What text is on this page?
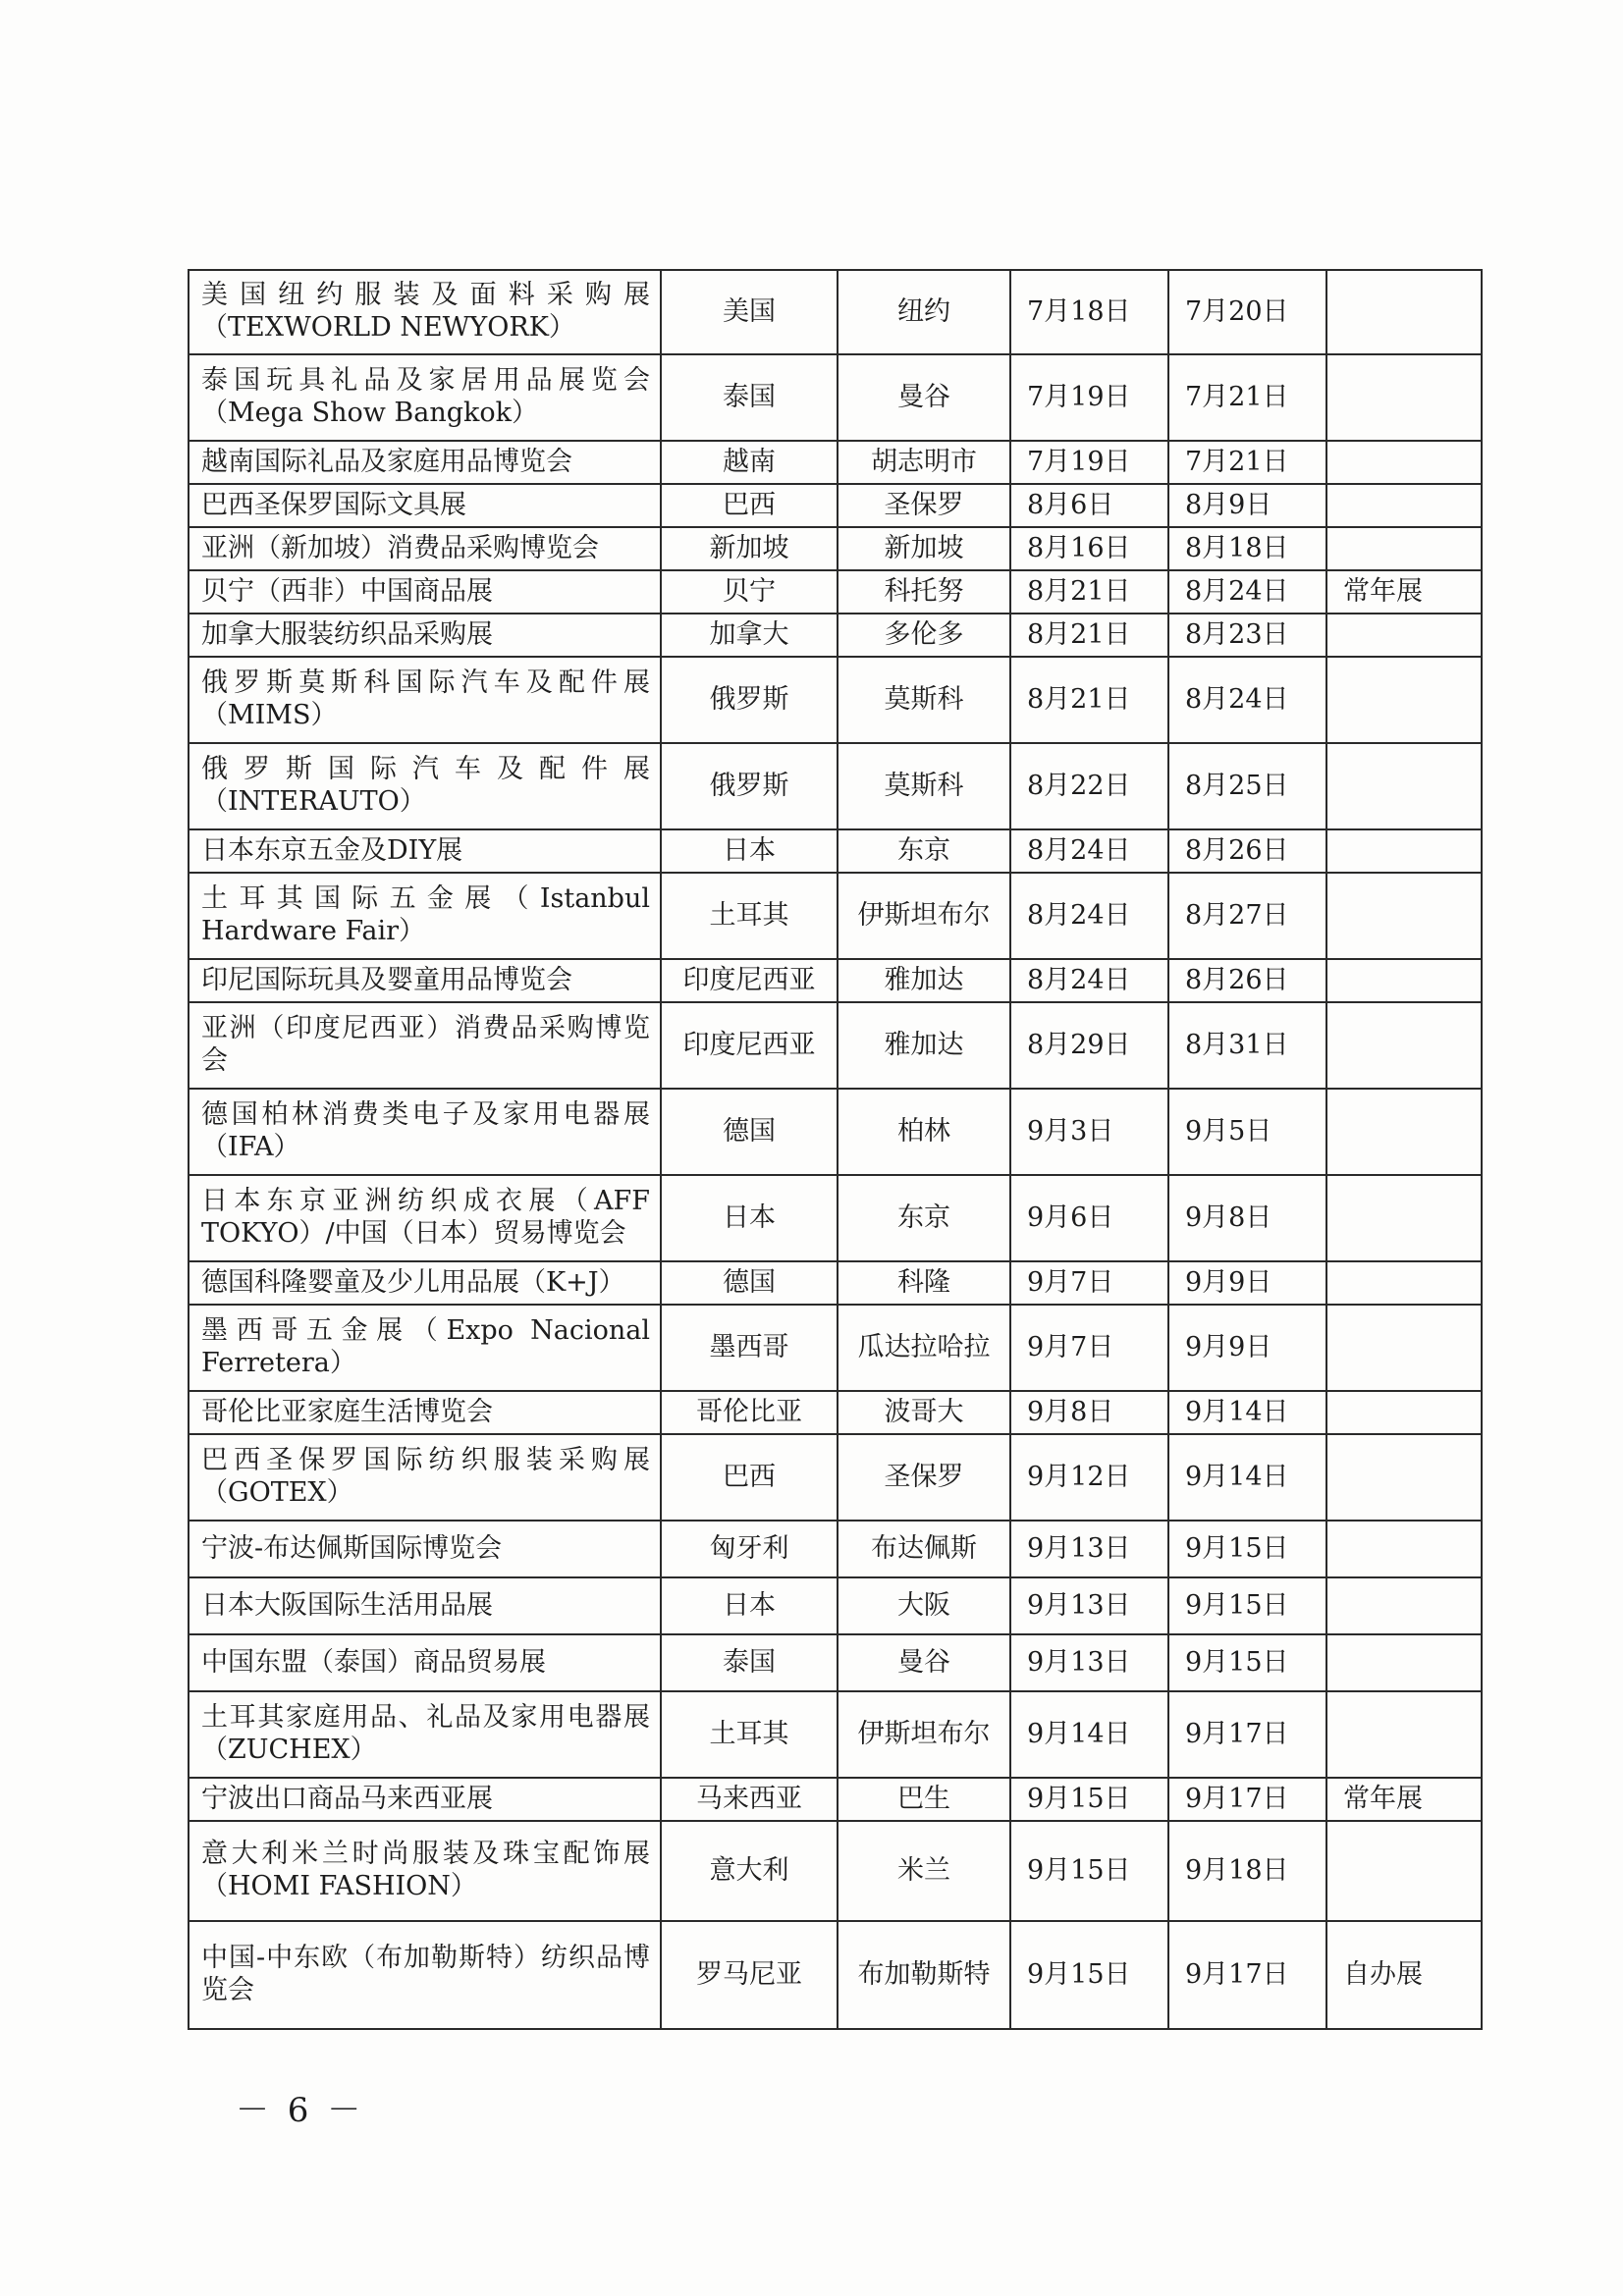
美国纽约服装及面料采购展（TEXWORLD NEWYORK）	美国	纽约	7月18日	7月20日	
泰国玩具礼品及家居用品展览会（Mega Show Bangkok）	泰国	曼谷	7月19日	7月21日	
越南国际礼品及家庭用品博览会	越南	胡志明市	7月19日	7月21日	
巴西圣保罗国际文具展	巴西	圣保罗	8月6日	8月9日	
亚洲（新加坡）消费品采购博览会	新加坡	新加坡	8月16日	8月18日	
贝宁（西非）中国商品展	贝宁	科托努	8月21日	8月24日	常年展
加拿大服装纺织品采购展	加拿大	多伦多	8月21日	8月23日	
俄罗斯莫斯科国际汽车及配件展（MIMS）	俄罗斯	莫斯科	8月21日	8月24日	
俄罗斯国际汽车及配件展（INTERAUTO）	俄罗斯	莫斯科	8月22日	8月25日	
日本东京五金及DIY展	日本	东京	8月24日	8月26日	
土耳其国际五金展（Istanbul Hardware Fair）	土耳其	伊斯坦布尔	8月24日	8月27日	
印尼国际玩具及婴童用品博览会	印度尼西亚	雅加达	8月24日	8月26日	
亚洲（印度尼西亚）消费品采购博览会	印度尼西亚	雅加达	8月29日	8月31日	
德国柏林消费类电子及家用电器展（IFA）	德国	柏林	9月3日	9月5日	
日本东京亚洲纺织成衣展（AFF TOKYO）/中国（日本）贸易博览会	日本	东京	9月6日	9月8日	
德国科隆婴童及少儿用品展（K+J）	德国	科隆	9月7日	9月9日	
墨西哥五金展（Expo Nacional Ferretera）	墨西哥	瓜达拉哈拉	9月7日	9月9日	
哥伦比亚家庭生活博览会	哥伦比亚	波哥大	9月8日	9月14日	
巴西圣保罗国际纺织服装采购展（GOTEX）	巴西	圣保罗	9月12日	9月14日	
宁波-布达佩斯国际博览会	匈牙利	布达佩斯	9月13日	9月15日	
日本大阪国际生活用品展	日本	大阪	9月13日	9月15日	
中国东盟（泰国）商品贸易展	泰国	曼谷	9月13日	9月15日	
土耳其家庭用品、礼品及家用电器展（ZUCHEX）	土耳其	伊斯坦布尔	9月14日	9月17日	
宁波出口商品马来西亚展	马来西亚	巴生	9月15日	9月17日	常年展
意大利米兰时尚服装及珠宝配饰展（HOMI FASHION）	意大利	米兰	9月15日	9月18日	
中国-中东欧（布加勒斯特）纺织品博览会	罗马尼亚	布加勒斯特	9月15日	9月17日	自办展
－ 6 －
